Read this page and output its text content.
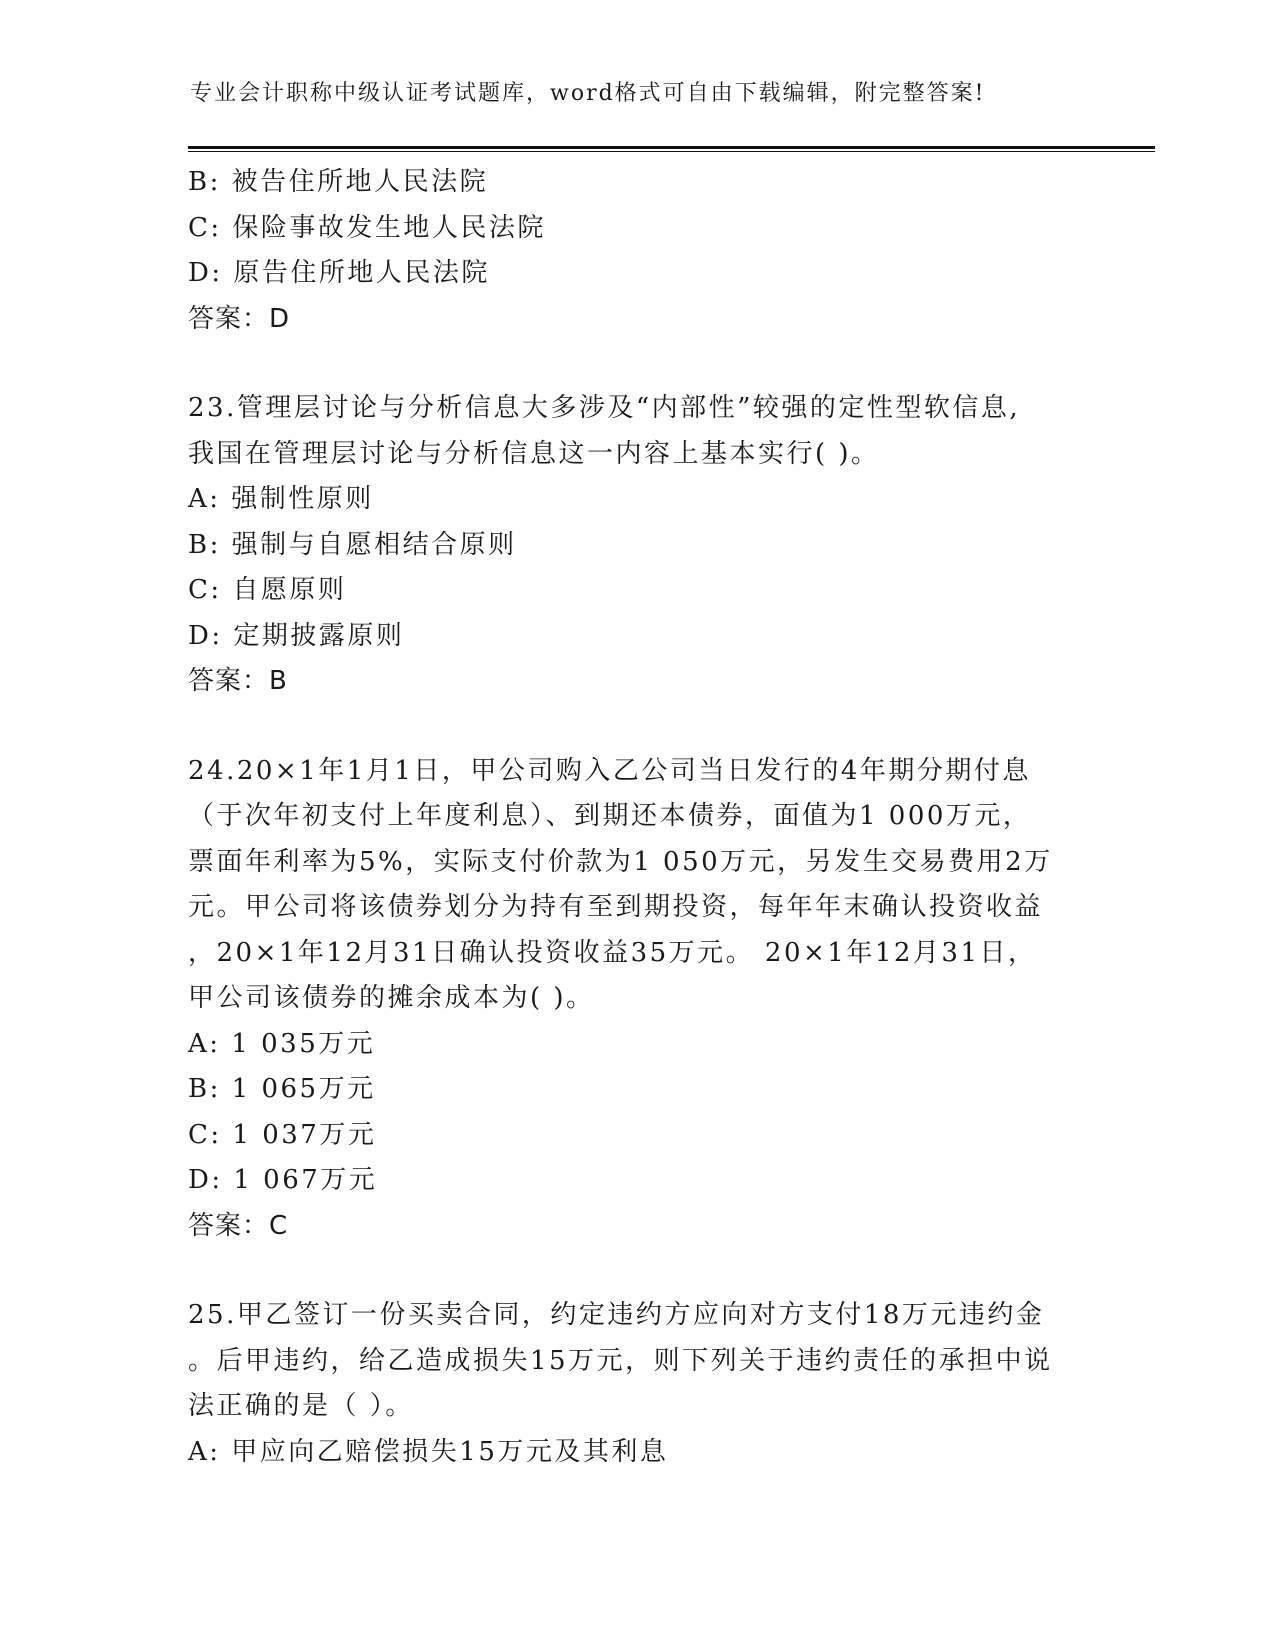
专业会计职称中级认证考试题库，word格式可自由下载编辑，附完整答案!
B: 被告住所地人民法院
C: 保险事故发生地人民法院
D: 原告住所地人民法院
答案：D
23.管理层讨论与分析信息大多涉及“内部性”较强的定性型软信息,
我国在管理层讨论与分析信息这一内容上基本实行( )。
A: 强制性原则
B: 强制与自愿相结合原则
C: 自愿原则
D: 定期披露原则
答案：B
24.20×1年1月1日，甲公司购入乙公司当日发行的4年期分期付息
（于次年初支付上年度利息）、到期还本债券，面值为1 000万元，
票面年利率为5%，实际支付价款为1 050万元，另发生交易费用2万
元。甲公司将该债券划分为持有至到期投资，每年年末确认投资收益
，20×1年12月31日确认投资收益35万元。 20×1年12月31日，
甲公司该债券的摊余成本为( )。
A: 1 035万元
B: 1 065万元
C: 1 037万元
D: 1 067万元
答案：C
25.甲乙签订一份买卖合同，约定违约方应向对方支付18万元违约金
。后甲违约，给乙造成损失15万元，则下列关于违约责任的承担中说
法正确的是（ ）。
A: 甲应向乙赔偿损失15万元及其利息
